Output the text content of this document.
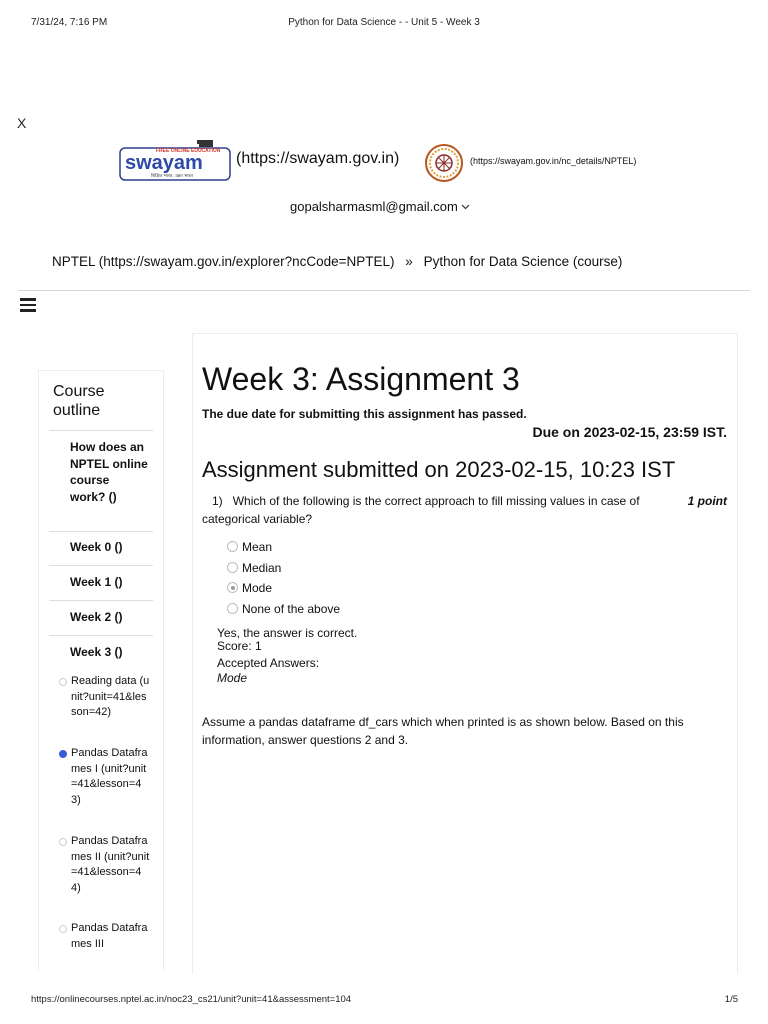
7/31/24, 7:16 PM	Python for Data Science - - Unit 5 - Week 3
X
FREE ONLINE EDUCATION
swayam
शिक्षित भारत, उन्नत भारत
(https://swayam.gov.in)	(https://swayam.gov.in/nc_details/NPTEL)
gopalsharmasml@gmail.com
NPTEL (https://swayam.gov.in/explorer?ncCode=NPTEL) » Python for Data Science (course)
Course outline
How does an NPTEL online course work? ()
Week 0 ()
Week 1 ()
Week 2 ()
Week 3 ()
Reading data (unit?unit=41&lesson=42)
Pandas Dataframes I (unit?unit=41&lesson=43)
Pandas Dataframes II (unit?unit=41&lesson=44)
Pandas Dataframes III
Week 3: Assignment 3
The due date for submitting this assignment has passed.
Due on 2023-02-15, 23:59 IST.
Assignment submitted on 2023-02-15, 10:23 IST
1) Which of the following is the correct approach to fill missing values in case of categorical variable?
1 point
Mean
Median
Mode
None of the above
Yes, the answer is correct.
Score: 1
Accepted Answers:
Mode
Assume a pandas dataframe df_cars which when printed is as shown below. Based on this information, answer questions 2 and 3.
https://onlinecourses.nptel.ac.in/noc23_cs21/unit?unit=41&assessment=104	1/5
